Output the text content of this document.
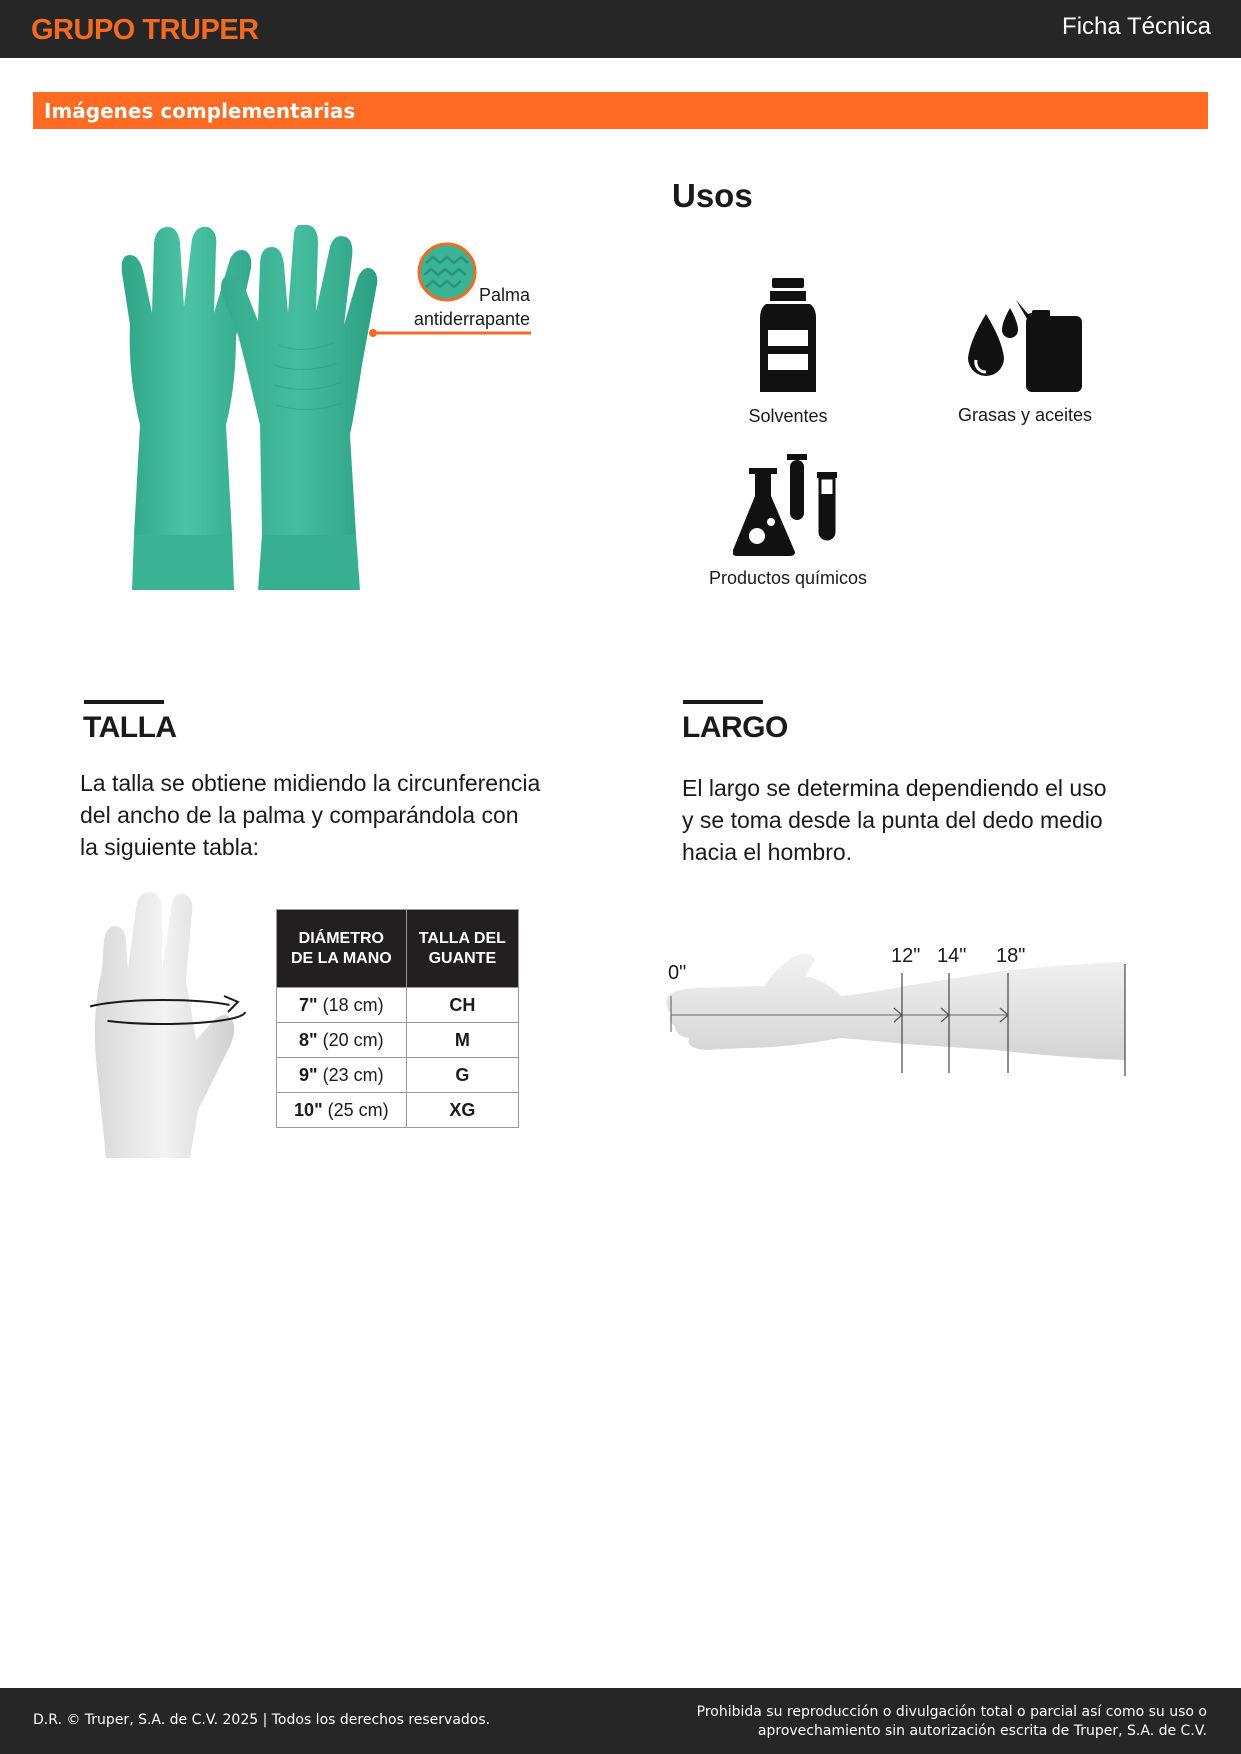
GRUPO TRUPER	Ficha Técnica
Imágenes complementarias
Palma
antiderrapante
Usos
Solventes	Grasas y aceites
Productos químicos
TALLA
La talla se obtiene midiendo la circunferencia
del ancho de la palma y comparándola con
la siguiente tabla:
DIÁMETRO
DE LA MANO	TALLA DEL
GUANTE
7" (18 cm)	CH
8" (20 cm)	M
9" (23 cm)	G
10" (25 cm)	XG
LARGO
El largo se determina dependiendo el uso
y se toma desde la punta del dedo medio
hacia el hombro.
0"
12" 14" 18"
D.R. © Truper, S.A. de C.V. 2025 | Todos los derechos reservados.	Prohibida su reproducción o divulgación total o parcial así como su uso o
aprovechamiento sin autorización escrita de Truper, S.A. de C.V.
